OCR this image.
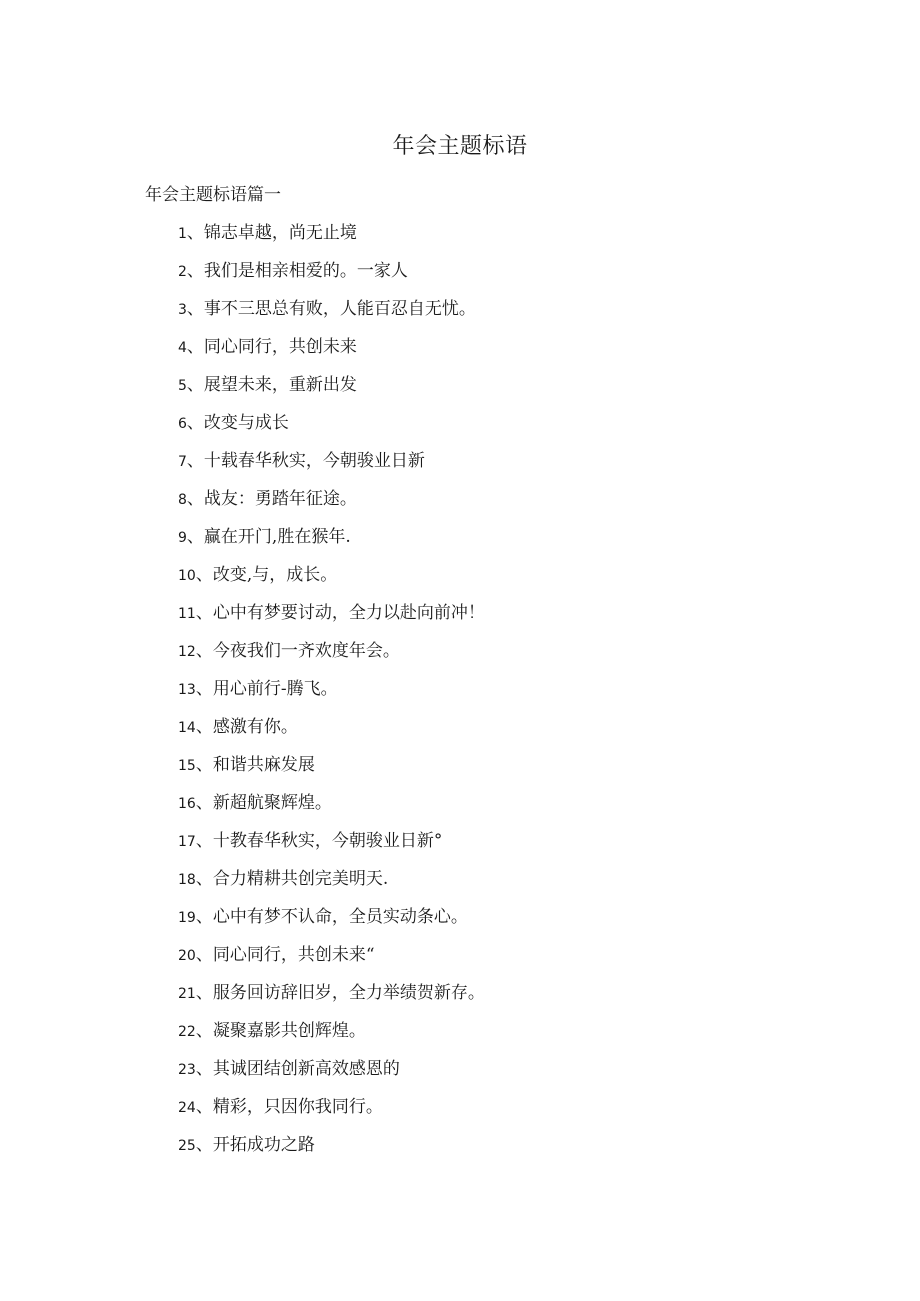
年会主题标语
年会主题标语篇一
1、锦志卓越，尚无止境
2、我们是相亲相爱的。一家人
3、事不三思总有败，人能百忍自无忧。
4、同心同行，共创未来
5、展望未来，重新出发
6、改变与成长
7、十载春华秋实，今朝骏业日新
8、战友：勇踏年征途。
9、赢在开门,胜在猴年.
10、改变,与，成长。
11、心中有梦要讨动，全力以赴向前冲！
12、今夜我们一齐欢度年会。
13、用心前行-腾飞。
14、感激有你。
15、和谐共麻发展
16、新超航聚辉煌。
17、十教春华秋实，今朝骏业日新°
18、合力精耕共创完美明天.
19、心中有梦不认命，全员实动条心。
20、同心同行，共创未来“
21、服务回访辞旧岁，全力举绩贺新存。
22、凝聚嘉影共创辉煌。
23、其诚团结创新高效感恩的
24、精彩，只因你我同行。
25、开拓成功之路
